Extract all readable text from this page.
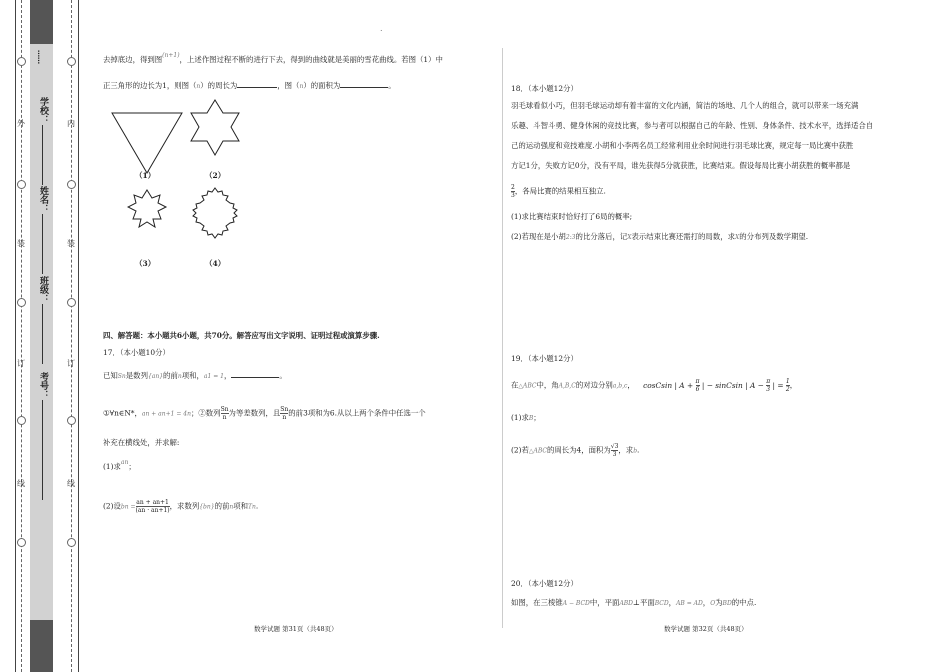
外
装
订
线
内
装
订
线
……
学校：
姓名：
班级：
考号：
.
去掉底边，得到图$^{(n+1)}$，上述作图过程不断的进行下去，得到的曲线就是美丽的雪花曲线。若图（1）中
正三角形的边长为1，则图（n）的周长为	，图（n）的面积为	。
（1）	（2）
（3）	（4）
四、解答题：本小题共6小题，共70分。解答应写出文字说明、证明过程或演算步骤.
17．（本小题10分）
已知Sn是数列{an}的前n项和，a1 = 1，	。
①∀n∈N*，an + an+1 = 4n；②数列 $\frac{Sn}{n}$ 为等差数列，且 $\frac{Sn}{n}$ 的前3项和为6.从以上两个条件中任选一个
补充在横线处，并求解:
(1)求$^{an}$；
(2)设bn = $\frac{an + an+1}{(an \cdot an+1)}$ ，求数列{bn}的前n项和Tn.
18．（本小题12分）
羽毛球看似小巧，但羽毛球运动却有着丰富的文化内涵，简洁的场地、几个人的组合，就可以带来一场充满
乐趣、斗智斗勇、健身休闲的竞技比赛，参与者可以根据自己的年龄、性别、身体条件、技术水平，选择适合自
己的运动强度和竞技难度.小胡和小李两名员工经常利用业余时间进行羽毛球比赛，规定每一局比赛中获胜
方记1分，失败方记0分，没有平局，谁先获得5分就获胜，比赛结束。假设每局比赛小胡获胜的概率都是
$\frac{2}{3}$ ，各局比赛的结果相互独立.
(1)求比赛结束时恰好打了6局的概率;
(2)若现在是小胡2:3的比分落后，记X表示结束比赛还需打的局数，求X的分布列及数学期望.
19．（本小题12分）
在△ABC中，角A,B,C的对边分别a,b,c， cosCsin | $A + \frac{\pi}{6}$ | − sinCsin | $A - \frac{\pi}{3}$ | = $\frac{1}{2}$ ，
(1)求B；
(2)若△ABC的周长为4，面积为 $\frac{√3}{3}$ ，求b.
20．（本小题12分）
如图，在三棱锥A − BCD中，平面ABD⊥平面BCD，AB = AD，O为BD的中点.
数学试题 第31页（共48页）	数学试题 第32页（共48页）
